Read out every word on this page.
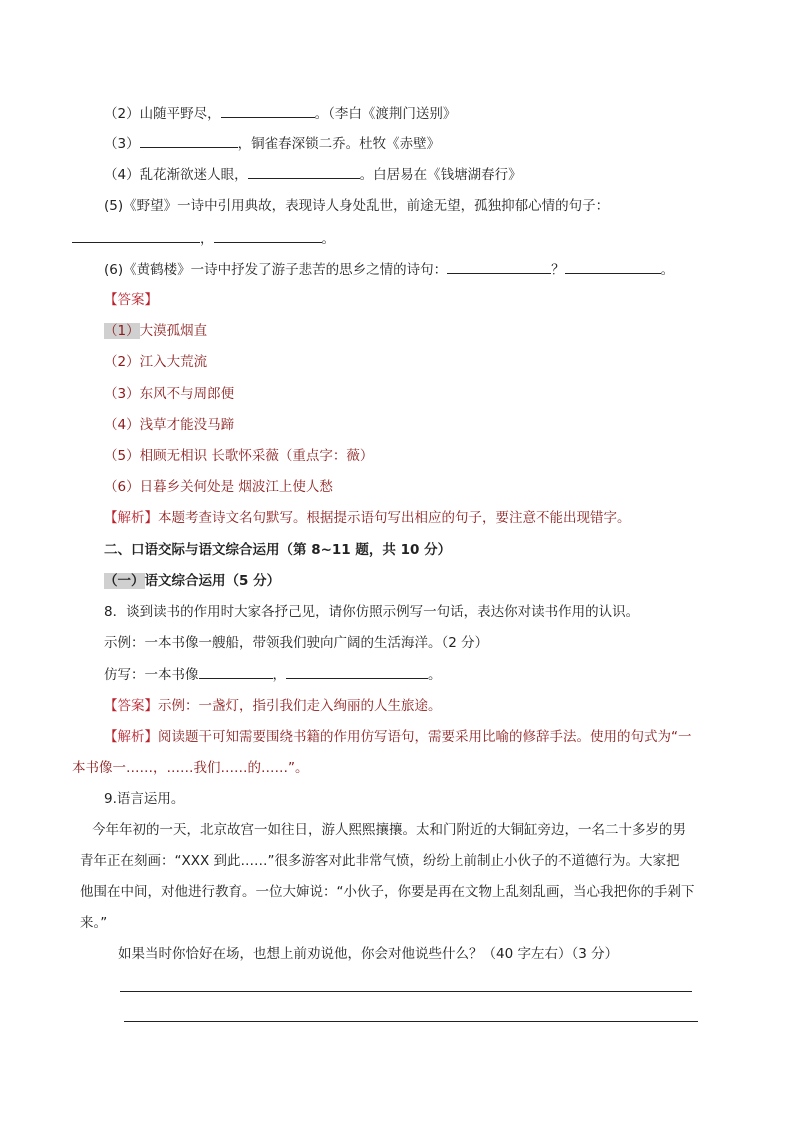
（2）山随平野尽，	。（李白《渡荆门送别》
（3）	，铜雀春深锁二乔。杜牧《赤壁》
（4）乱花渐欲迷人眼，	。白居易在《钱塘湖春行》
(5)《野望》一诗中引用典故，表现诗人身处乱世，前途无望，孤独抑郁心情的句子：
，	。
(6)《黄鹤楼》一诗中抒发了游子悲苦的思乡之情的诗句：	？	。
【答案】
（1）大漠孤烟直
（2）江入大荒流
（3）东风不与周郎便
（4）浅草才能没马蹄
（5）相顾无相识 长歌怀采薇（重点字：薇）
（6）日暮乡关何处是 烟波江上使人愁
【解析】本题考查诗文名句默写。根据提示语句写出相应的句子，要注意不能出现错字。
二、口语交际与语文综合运用（第 8~11 题，共 10 分）
（一）语文综合运用（5 分）
8．谈到读书的作用时大家各抒己见，请你仿照示例写一句话，表达你对读书作用的认识。
示例：一本书像一艘船，带领我们驶向广阔的生活海洋。（2 分）
仿写：一本书像	，	。
【答案】示例：一盏灯，指引我们走入绚丽的人生旅途。
【解析】阅读题干可知需要围绕书籍的作用仿写语句，需要采用比喻的修辞手法。使用的句式为“一
本书像一……，……我们……的……”。
9.语言运用。
今年年初的一天，北京故宫一如往日，游人熙熙攘攘。太和门附近的大铜缸旁边，一名二十多岁的男
青年正在刻画：“XXX 到此……”很多游客对此非常气愤，纷纷上前制止小伙子的不道德行为。大家把
他围在中间，对他进行教育。一位大婶说：“小伙子，你要是再在文物上乱刻乱画，当心我把你的手剁下
来。”
如果当时你恰好在场，也想上前劝说他，你会对他说些什么？（40 字左右）（3 分）
